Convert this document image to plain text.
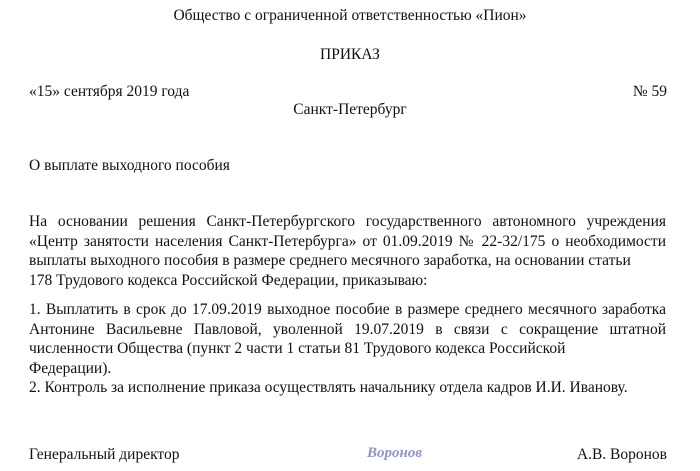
Общество с ограниченной ответственностью «Пион»
ПРИКАЗ
«15» сентября 2019 года	№ 59
Санкт-Петербург
О выплате выходного пособия
На основании решения Санкт-Петербургского государственного автономного учреждения «Центр занятости населения Санкт-Петербурга» от 01.09.2019 № 22-32/175 о необходимости выплаты выходного пособия в размере среднего месячного заработка, на основании статьи
178 Трудового кодекса Российской Федерации, приказываю:
1. Выплатить в срок до 17.09.2019 выходное пособие в размере среднего месячного заработка Антонине Васильевне Павловой, уволенной 19.07.2019 в связи с сокращение штатной численности Общества (пункт 2 части 1 статьи 81 Трудового кодекса Российской
Федерации).
2. Контроль за исполнение приказа осуществлять начальнику отдела кадров И.И. Иванову.
Генеральный директор	Воронов	А.В. Воронов
